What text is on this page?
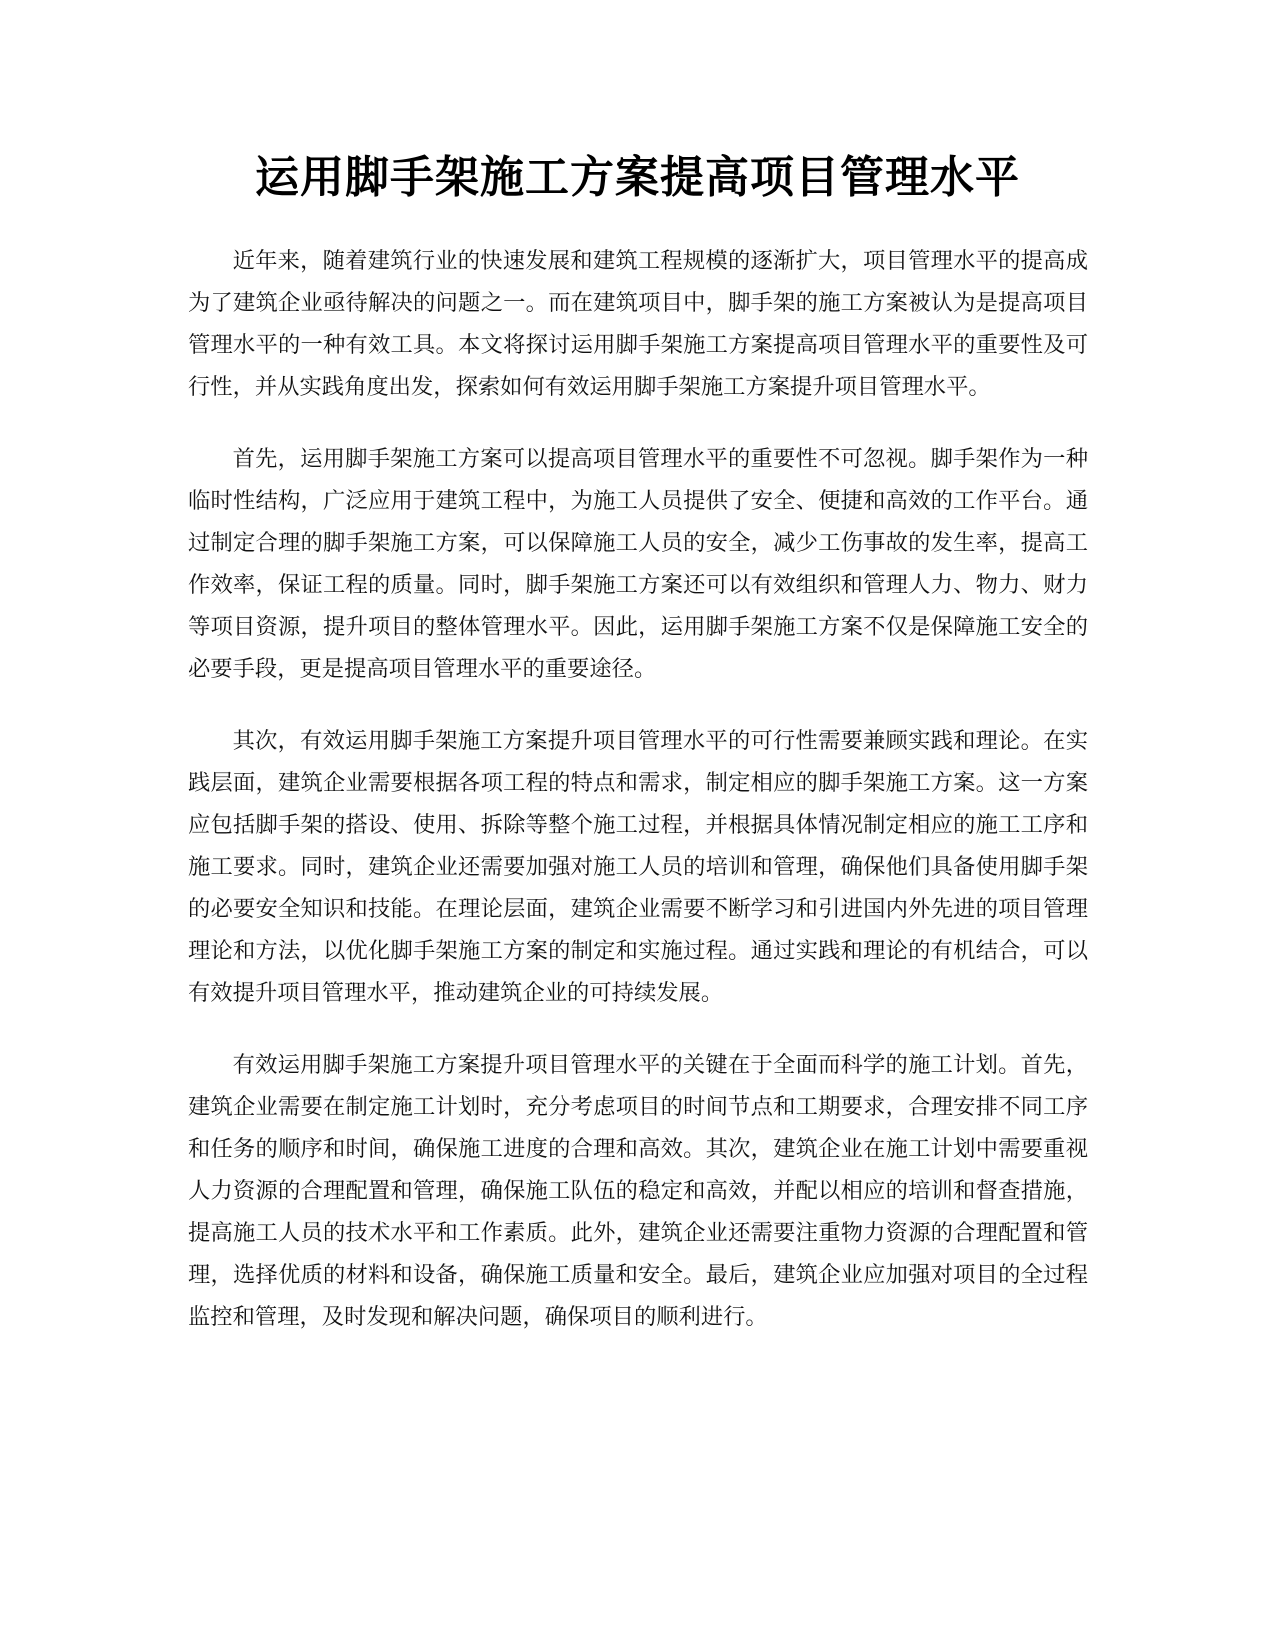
运用脚手架施工方案提高项目管理水平

近年来，随着建筑行业的快速发展和建筑工程规模的逐渐扩大，项目管理水平的提高成为了建筑企业亟待解决的问题之一。而在建筑项目中，脚手架的施工方案被认为是提高项目管理水平的一种有效工具。本文将探讨运用脚手架施工方案提高项目管理水平的重要性及可行性，并从实践角度出发，探索如何有效运用脚手架施工方案提升项目管理水平。

首先，运用脚手架施工方案可以提高项目管理水平的重要性不可忽视。脚手架作为一种临时性结构，广泛应用于建筑工程中，为施工人员提供了安全、便捷和高效的工作平台。通过制定合理的脚手架施工方案，可以保障施工人员的安全，减少工伤事故的发生率，提高工作效率，保证工程的质量。同时，脚手架施工方案还可以有效组织和管理人力、物力、财力等项目资源，提升项目的整体管理水平。因此，运用脚手架施工方案不仅是保障施工安全的必要手段，更是提高项目管理水平的重要途径。

其次，有效运用脚手架施工方案提升项目管理水平的可行性需要兼顾实践和理论。在实践层面，建筑企业需要根据各项工程的特点和需求，制定相应的脚手架施工方案。这一方案应包括脚手架的搭设、使用、拆除等整个施工过程，并根据具体情况制定相应的施工工序和施工要求。同时，建筑企业还需要加强对施工人员的培训和管理，确保他们具备使用脚手架的必要安全知识和技能。在理论层面，建筑企业需要不断学习和引进国内外先进的项目管理理论和方法，以优化脚手架施工方案的制定和实施过程。通过实践和理论的有机结合，可以有效提升项目管理水平，推动建筑企业的可持续发展。

有效运用脚手架施工方案提升项目管理水平的关键在于全面而科学的施工计划。首先，建筑企业需要在制定施工计划时，充分考虑项目的时间节点和工期要求，合理安排不同工序和任务的顺序和时间，确保施工进度的合理和高效。其次，建筑企业在施工计划中需要重视人力资源的合理配置和管理，确保施工队伍的稳定和高效，并配以相应的培训和督查措施，提高施工人员的技术水平和工作素质。此外，建筑企业还需要注重物力资源的合理配置和管理，选择优质的材料和设备，确保施工质量和安全。最后，建筑企业应加强对项目的全过程监控和管理，及时发现和解决问题，确保项目的顺利进行。
